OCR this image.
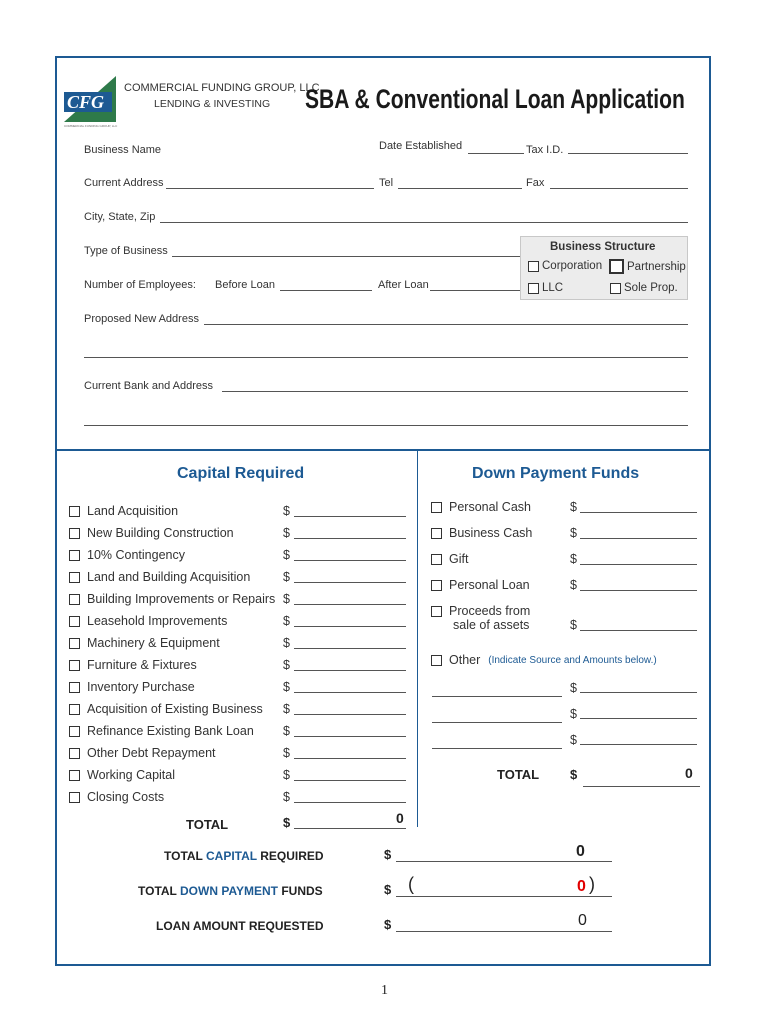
CFG
COMMERCIAL FUNDING GROUP, LLC
COMMERCIAL FUNDING GROUP, LLC
LENDING & INVESTING SBA & Conventional Loan Application
Business Name	Date Established	Tax I.D.
Current Address	Tel	Fax
City, State, Zip
Type of Business
Number of Employees: Before Loan	After Loan
Business Structure
Corporation Partnership
LLC	Sole Prop.
Proposed New Address
Current Bank and Address
Capital Required
Land Acquisition	$
New Building Construction	$
10% Contingency	$
Land and Building Acquisition	$
Building Improvements or Repairs $
Leasehold Improvements	$
Machinery & Equipment	$
Furniture & Fixtures	$
Inventory Purchase	$
Acquisition of Existing Business $
Refinance Existing Bank Loan $
Other Debt Repayment	$
Working Capital	$
Closing Costs	$
TOTAL	$	0
Down Payment Funds
Personal Cash	$
Business Cash	$
Gift	$
Personal Loan	$
Proceeds from
sale of assets	$
Other (Indicate Source and Amounts below.)
$
$
$
TOTAL $	0
TOTAL CAPITAL REQUIRED	$	0
TOTAL DOWN PAYMENT FUNDS	$ (	0 )
LOAN AMOUNT REQUESTED	$	0
1
